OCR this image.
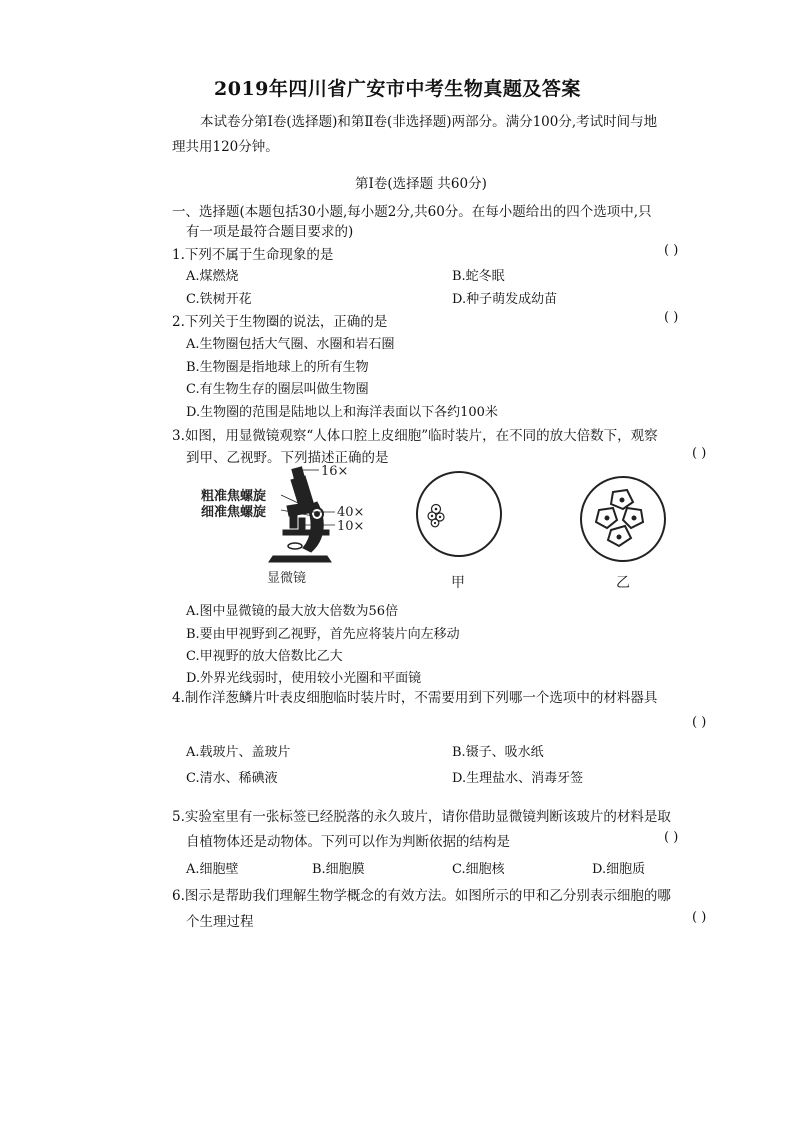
2019年四川省广安市中考生物真题及答案
本试卷分第Ⅰ卷(选择题)和第Ⅱ卷(非选择题)两部分。满分100分,考试时间与地
理共用120分钟。
第Ⅰ卷(选择题 共60分)
一、选择题(本题包括30小题,每小题2分,共60分。在每小题给出的四个选项中,只
有一项是最符合题目要求的)
1.下列不属于生命现象的是	( )
A.煤燃烧	B.蛇冬眠
C.铁树开花	D.种子萌发成幼苗
2.下列关于生物圈的说法，正确的是	( )
A.生物圈包括大气圈、水圈和岩石圈
B.生物圈是指地球上的所有生物
C.有生物生存的圈层叫做生物圈
D.生物圈的范围是陆地以上和海洋表面以下各约100米
3.如图，用显微镜观察“人体口腔上皮细胞”临时装片，在不同的放大倍数下，观察
到甲、乙视野。下列描述正确的是	( )
粗准焦螺旋
细准焦螺旋
16×
40×
10×
显微镜	甲	乙
A.图中显微镜的最大放大倍数为56倍
B.要由甲视野到乙视野，首先应将装片向左移动
C.甲视野的放大倍数比乙大
D.外界光线弱时，使用较小光圈和平面镜
4.制作洋葱鳞片叶表皮细胞临时装片时，不需要用到下列哪一个选项中的材料器具
( )
A.载玻片、盖玻片	B.镊子、吸水纸
C.清水、稀碘液	D.生理盐水、消毒牙签
5.实验室里有一张标签已经脱落的永久玻片，请你借助显微镜判断该玻片的材料是取
自植物体还是动物体。下列可以作为判断依据的结构是	( )
A.细胞壁	B.细胞膜	C.细胞核	D.细胞质
6.图示是帮助我们理解生物学概念的有效方法。如图所示的甲和乙分别表示细胞的哪
个生理过程	( )
